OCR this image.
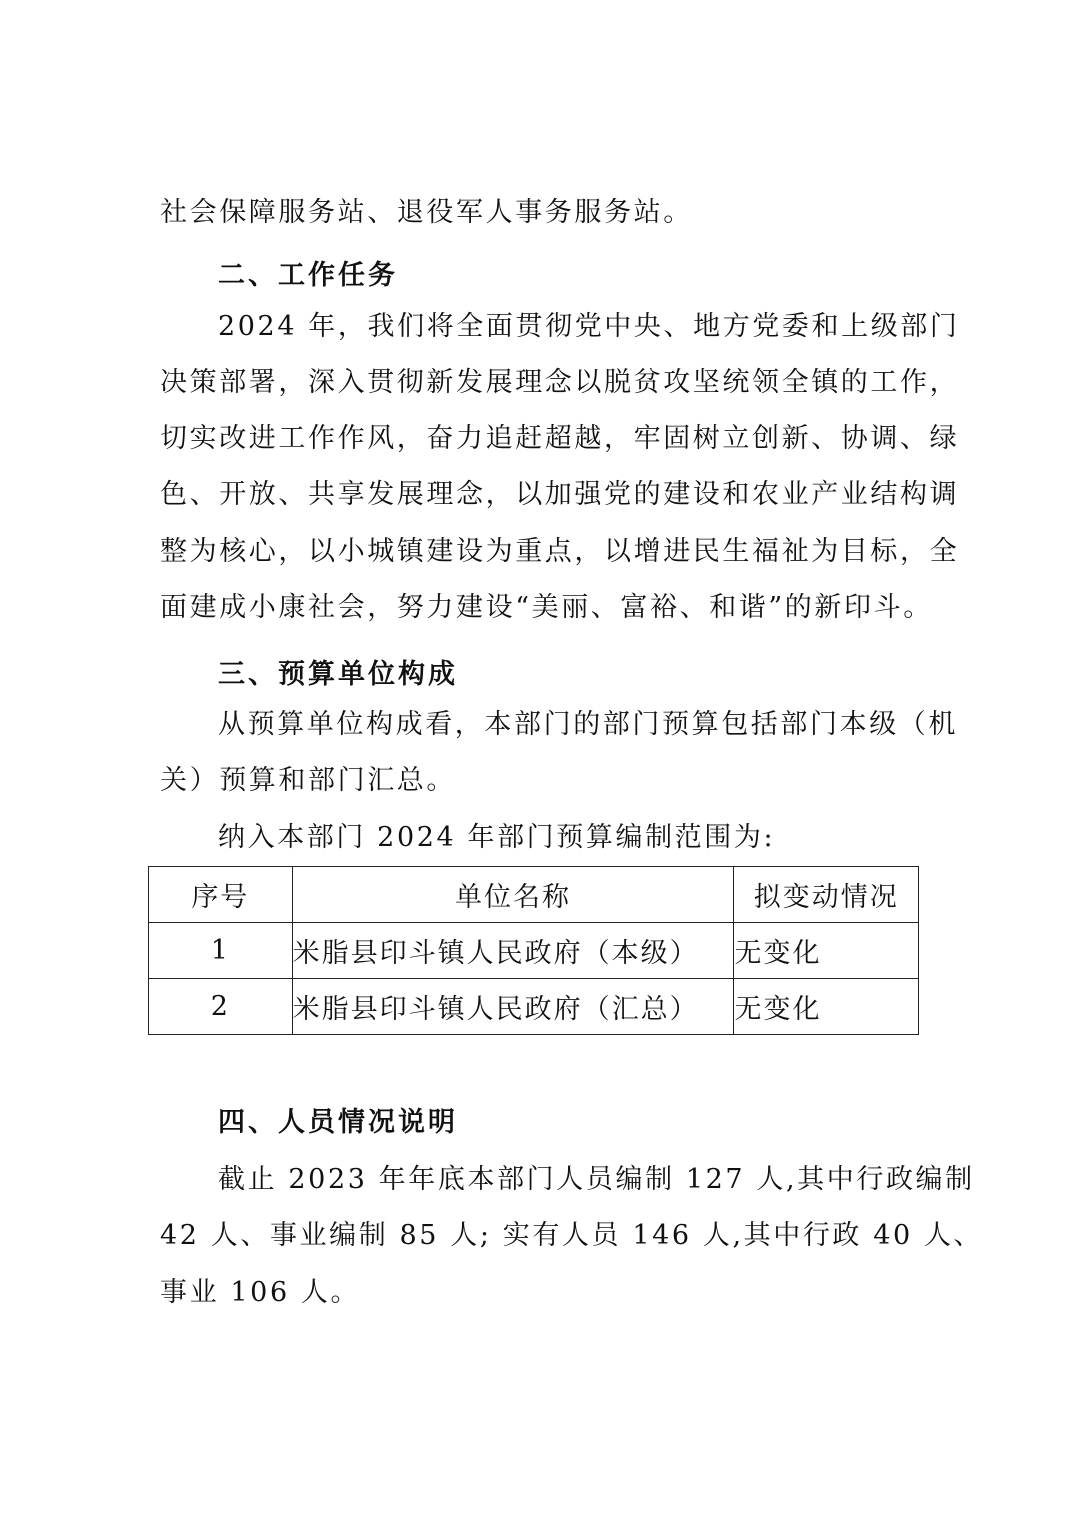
社会保障服务站、退役军人事务服务站。
二、工作任务
2024 年，我们将全面贯彻党中央、地方党委和上级部门
决策部署，深入贯彻新发展理念以脱贫攻坚统领全镇的工作，
切实改进工作作风，奋力追赶超越，牢固树立创新、协调、绿
色、开放、共享发展理念，以加强党的建设和农业产业结构调
整为核心，以小城镇建设为重点，以增进民生福祉为目标，全
面建成小康社会，努力建设“美丽、富裕、和谐”的新印斗。
三、预算单位构成
从预算单位构成看，本部门的部门预算包括部门本级（机
关）预算和部门汇总。
纳入本部门 2024 年部门预算编制范围为:
序号	单位名称	拟变动情况
1	米脂县印斗镇人民政府（本级）	无变化
2	米脂县印斗镇人民政府（汇总）	无变化
四、人员情况说明
截止 2023 年年底本部门人员编制 127 人,其中行政编制
42 人、事业编制 85 人; 实有人员 146 人,其中行政 40 人、
事业 106 人。
